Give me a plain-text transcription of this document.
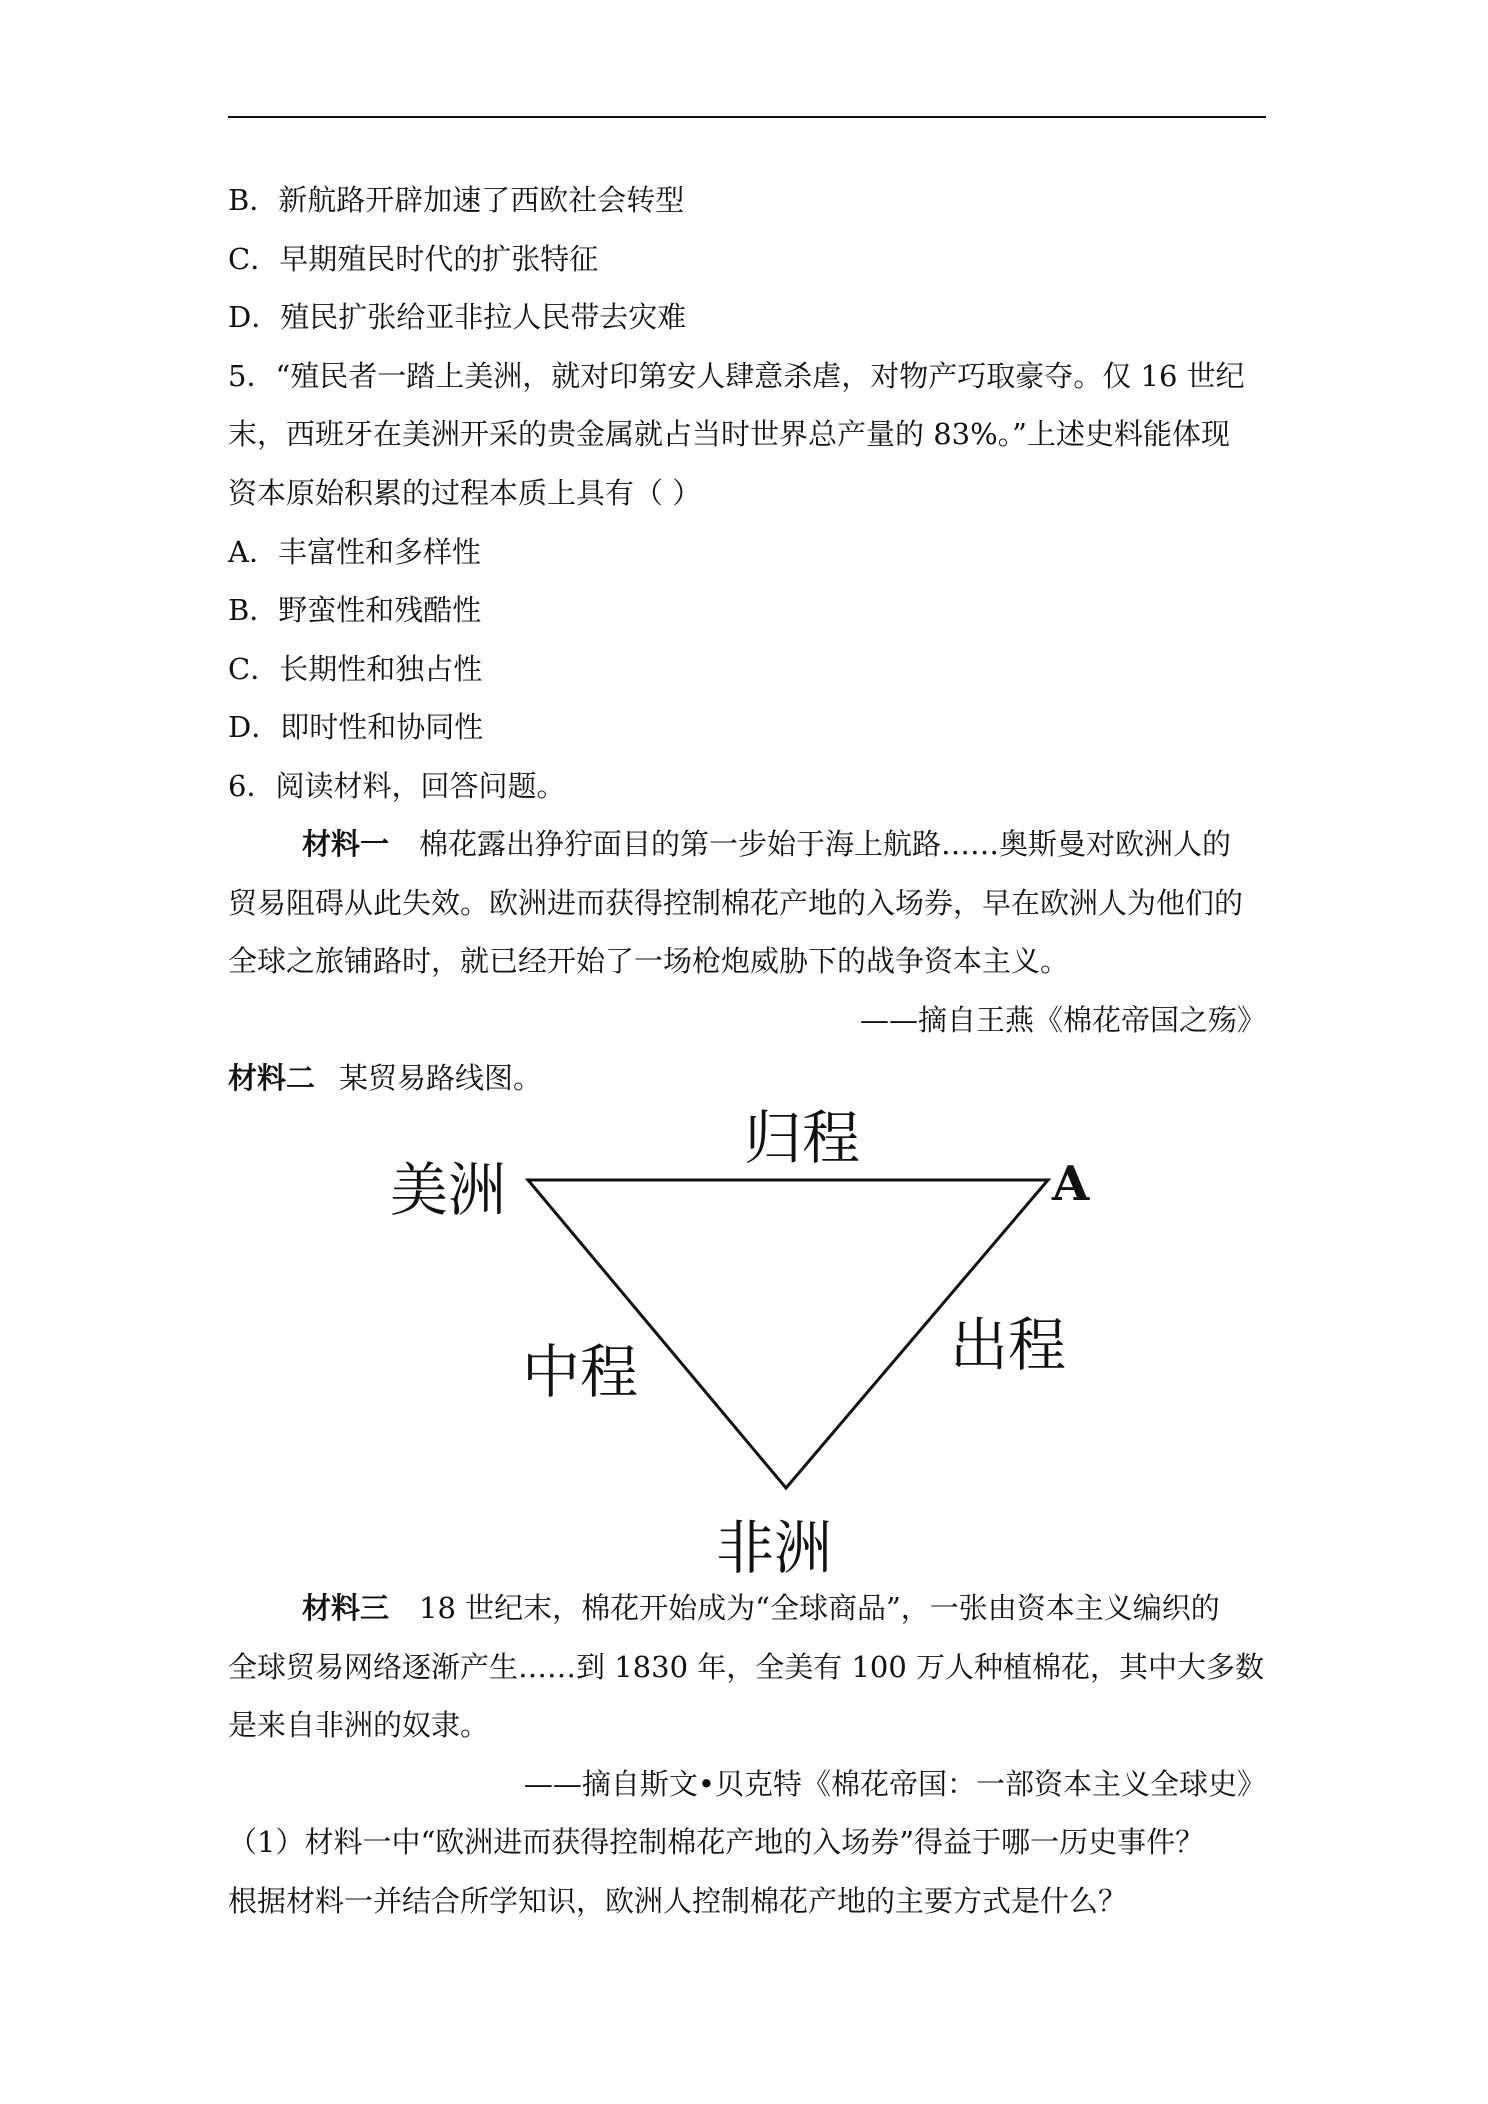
B．新航路开辟加速了西欧社会转型
C．早期殖民时代的扩张特征
D．殖民扩张给亚非拉人民带去灾难
5．“殖民者一踏上美洲，就对印第安人肆意杀虐，对物产巧取豪夺。仅 16 世纪
末，西班牙在美洲开采的贵金属就占当时世界总产量的 83%。”上述史料能体现
资本原始积累的过程本质上具有（ ）
A．丰富性和多样性
B．野蛮性和残酷性
C．长期性和独占性
D．即时性和协同性
6．阅读材料，回答问题。
材料一 棉花露出狰狞面目的第一步始于海上航路……奥斯曼对欧洲人的
贸易阻碍从此失效。欧洲进而获得控制棉花产地的入场券，早在欧洲人为他们的
全球之旅铺路时，就已经开始了一场枪炮威胁下的战争资本主义。
——摘自王燕《棉花帝国之殇》
材料二 某贸易路线图。
美洲	A
非洲
归程
出程
中程
材料三 18 世纪末，棉花开始成为“全球商品”，一张由资本主义编织的
全球贸易网络逐渐产生……到 1830 年，全美有 100 万人种植棉花，其中大多数
是来自非洲的奴隶。
——摘自斯文•贝克特《棉花帝国：一部资本主义全球史》
（1）材料一中“欧洲进而获得控制棉花产地的入场券”得益于哪一历史事件？
根据材料一并结合所学知识，欧洲人控制棉花产地的主要方式是什么？
